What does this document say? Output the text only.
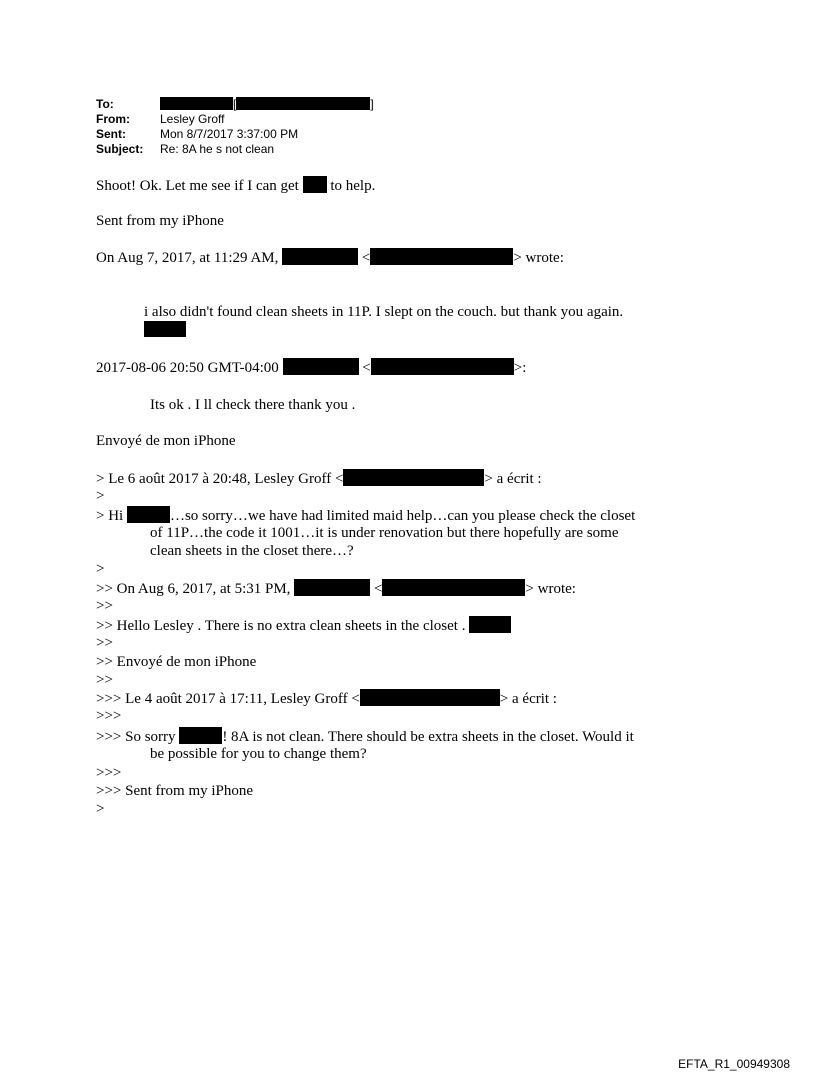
To:	[	]
From:	Lesley Groff
Sent:	Mon 8/7/2017 3:37:00 PM
Subject: Re: 8A he s not clean
Shoot! Ok. Let me see if I can get  to help.
Sent from my iPhone
On Aug 7, 2017, at 11:29 AM,	<	> wrote:
i also didn't found clean sheets in 11P. I slept on the couch. but thank you again.
2017-08-06 20:50 GMT-04:00	<	>:
Its ok . I ll check there thank you .
Envoyé de mon iPhone
> Le 6 août 2017 à 20:48, Lesley Groff <	> a écrit :
>
> Hi	…so sorry…we have had limited maid help…can you please check the closet
of 11P…the code it 1001…it is under renovation but there hopefully are some
clean sheets in the closet there…?
>
>> On Aug 6, 2017, at 5:31 PM,	<	> wrote:
>>
>> Hello Lesley . There is no extra clean sheets in the closet .
>>
>> Envoyé de mon iPhone
>>
>>> Le 4 août 2017 à 17:11, Lesley Groff <	> a écrit :
>>>
>>> So sorry	! 8A is not clean. There should be extra sheets in the closet. Would it
be possible for you to change them?
>>>
>>> Sent from my iPhone
>
EFTA_R1_00949308
